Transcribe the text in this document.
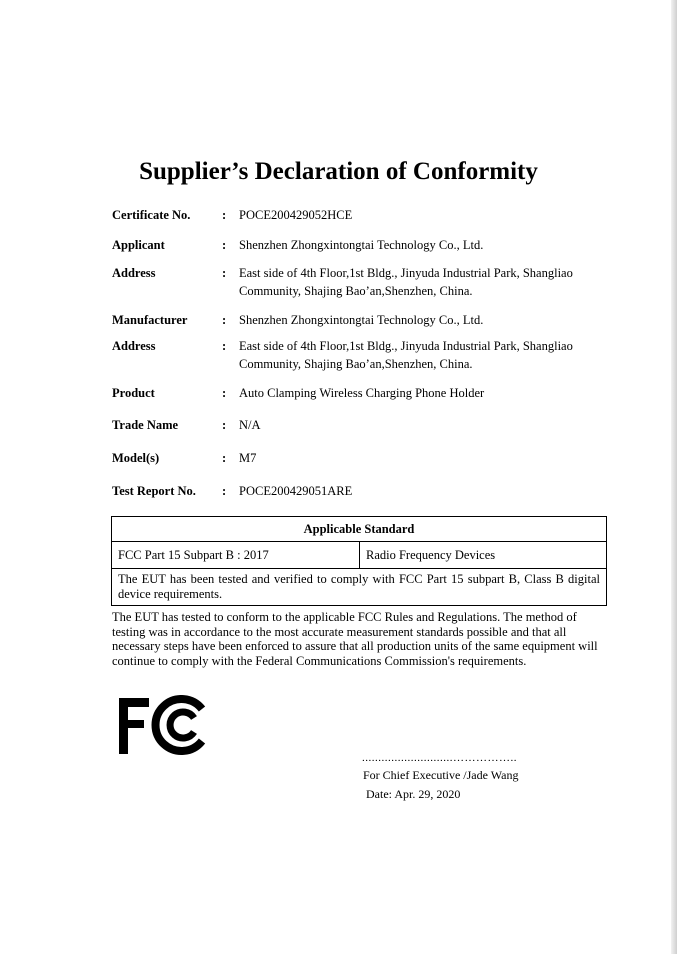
Supplier’s Declaration of Conformity
Certificate No.	: POCE200429052HCE
Applicant	: Shenzhen Zhongxintongtai Technology Co., Ltd.
Address	: East side of 4th Floor,1st Bldg., Jinyuda Industrial Park, Shangliao Community, Shajing Bao’an,Shenzhen, China.
Manufacturer	: Shenzhen Zhongxintongtai Technology Co., Ltd.
Address	: East side of 4th Floor,1st Bldg., Jinyuda Industrial Park, Shangliao Community, Shajing Bao’an,Shenzhen, China.
Product	: Auto Clamping Wireless Charging Phone Holder
Trade Name	: N/A
Model(s)	: M7
Test Report No. : POCE200429051ARE
Applicable Standard
FCC Part 15 Subpart B : 2017	Radio Frequency Devices
The EUT has been tested and verified to comply with FCC Part 15 subpart B, Class B digital device requirements.
The EUT has tested to conform to the applicable FCC Rules and Regulations. The method of testing was in accordance to the most accurate measurement standards possible and that all necessary steps have been enforced to assure that all production units of the same equipment will continue to comply with the Federal Communications Commission's requirements.
............................……………..
For Chief Executive /Jade Wang
Date: Apr. 29, 2020
